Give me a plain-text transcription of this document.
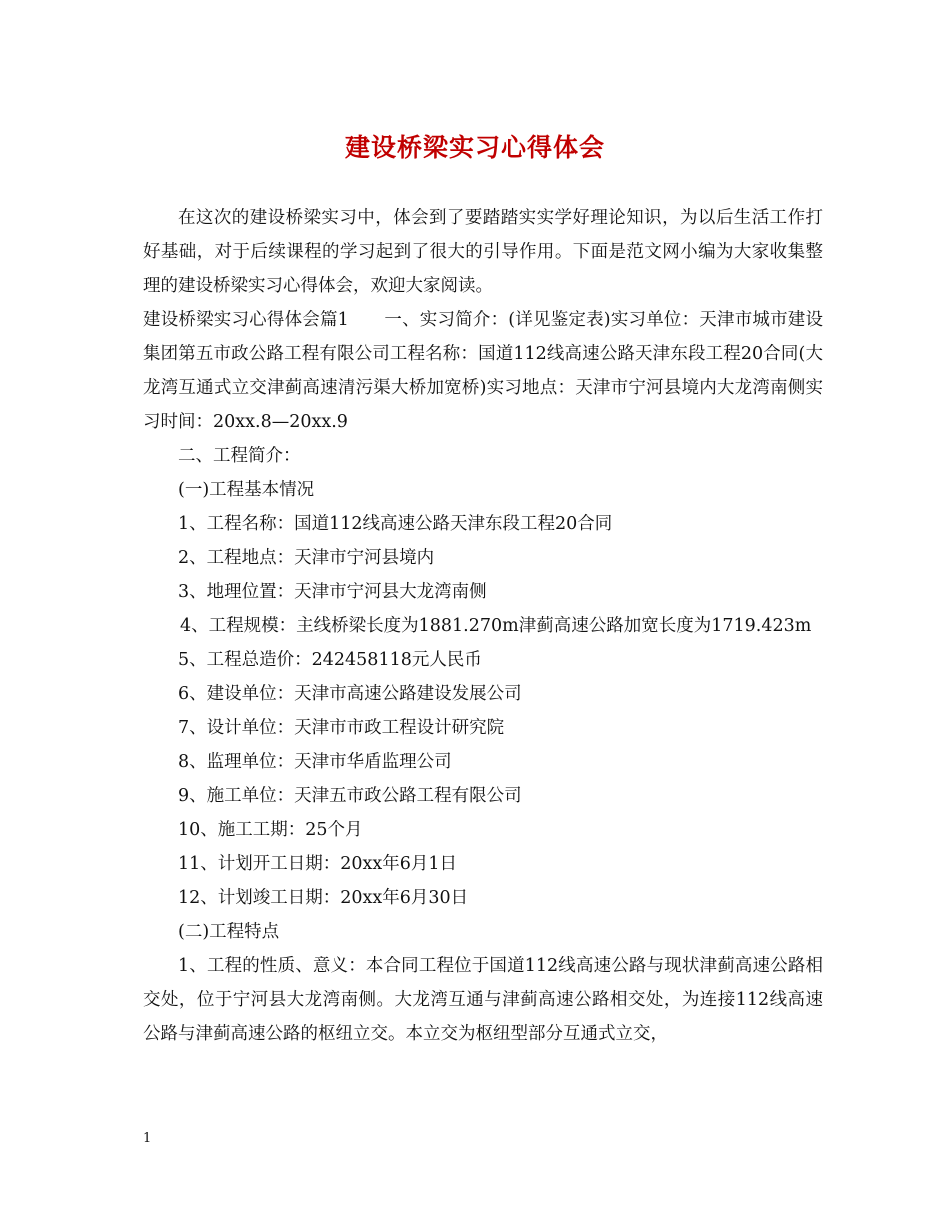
建设桥梁实习心得体会

在这次的建设桥梁实习中，体会到了要踏踏实实学好理论知识，为以后生活工作打好基础，对于后续课程的学习起到了很大的引导作用。下面是范文网小编为大家收集整理的建设桥梁实习心得体会，欢迎大家阅读。

建设桥梁实习心得体会篇1　　一、实习简介：(详见鉴定表)实习单位：天津市城市建设集团第五市政公路工程有限公司工程名称：国道112线高速公路天津东段工程20合同(大龙湾互通式立交津蓟高速清污渠大桥加宽桥)实习地点：天津市宁河县境内大龙湾南侧实习时间：20xx.8—20xx.9

二、工程简介：

(一)工程基本情况

1、工程名称：国道112线高速公路天津东段工程20合同

2、工程地点：天津市宁河县境内

3、地理位置：天津市宁河县大龙湾南侧

4、工程规模：主线桥梁长度为1881.270m津蓟高速公路加宽长度为1719.423m

5、工程总造价：242458118元人民币

6、建设单位：天津市高速公路建设发展公司

7、设计单位：天津市市政工程设计研究院

8、监理单位：天津市华盾监理公司

9、施工单位：天津五市政公路工程有限公司

10、施工工期：25个月

11、计划开工日期：20xx年6月1日

12、计划竣工日期：20xx年6月30日

(二)工程特点

1、工程的性质、意义：本合同工程位于国道112线高速公路与现状津蓟高速公路相交处，位于宁河县大龙湾南侧。大龙湾互通与津蓟高速公路相交处，为连接112线高速公路与津蓟高速公路的枢纽立交。本立交为枢纽型部分互通式立交，

1
